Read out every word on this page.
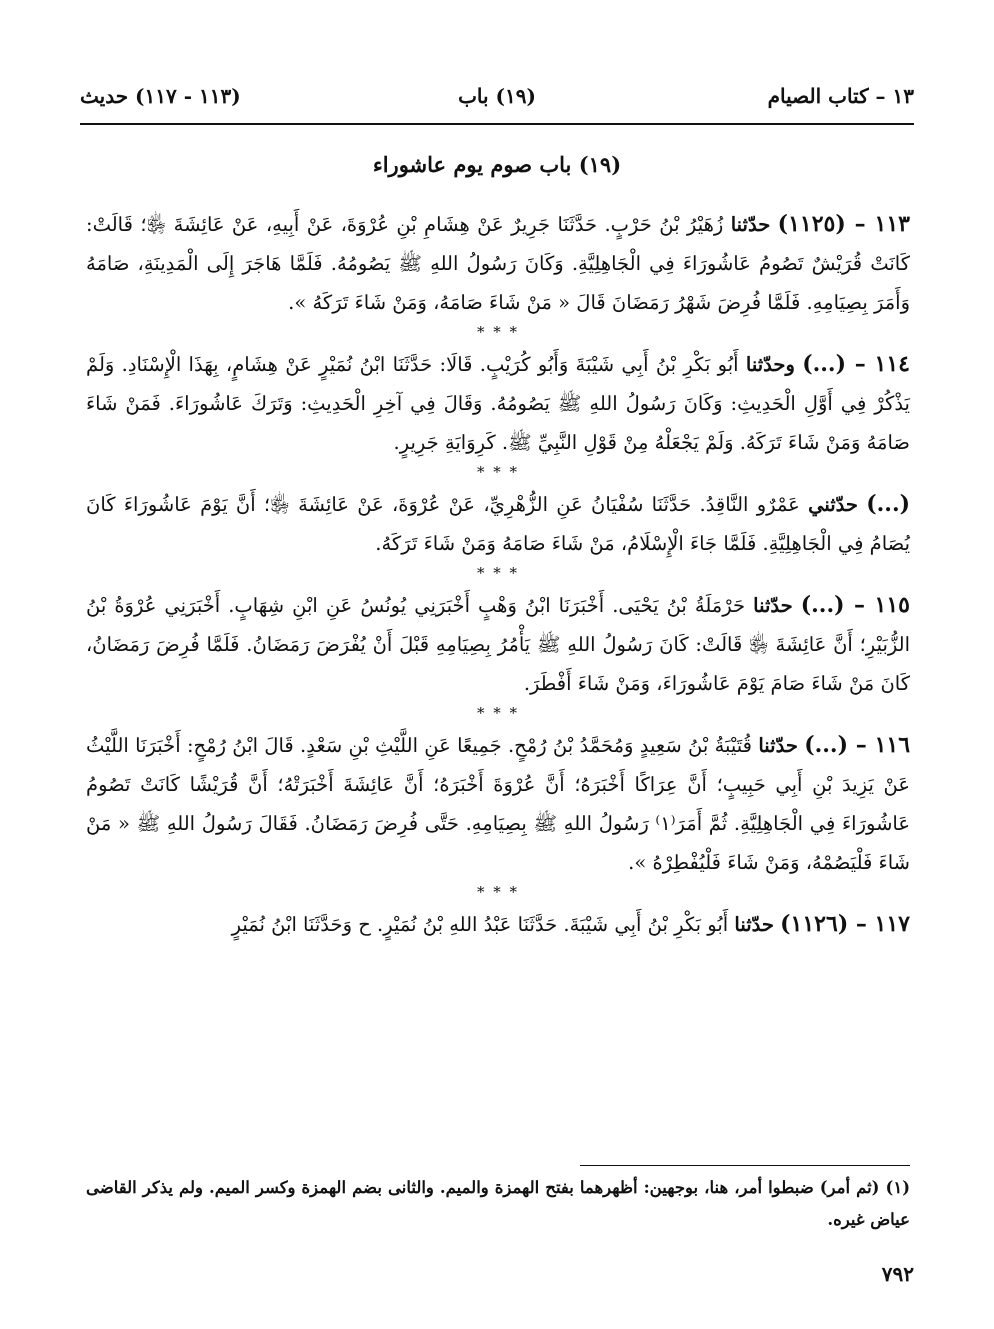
١٣ – كتاب الصيام
(١٩) باب
(١١٣ - ١١٧) حديث
(١٩) باب صوم يوم عاشوراء

١١٣ – (١١٢٥) حدّثنا زُهَيْرُ بْنُ حَرْبٍ. حَدَّثَنَا جَرِيرٌ عَنْ هِشَامِ بْنِ عُرْوَةَ، عَنْ أَبِيهِ، عَنْ عَائِشَةَ ﵂؛ قَالَتْ: كَانَتْ قُرَيْشٌ تَصُومُ عَاشُورَاءَ فِي الْجَاهِلِيَّةِ. وَكَانَ رَسُولُ اللهِ ﷺ يَصُومُهُ. فَلَمَّا هَاجَرَ إِلَى الْمَدِينَةِ، صَامَهُ وَأَمَرَ بِصِيَامِهِ. فَلَمَّا فُرِضَ شَهْرُ رَمَضَانَ قَالَ « مَنْ شَاءَ صَامَهُ، وَمَنْ شَاءَ تَرَكَهُ ».

* * *

١١٤ – (...) وحدّثنا أَبُو بَكْرِ بْنُ أَبِي شَيْبَةَ وَأَبُو كُرَيْبٍ. قَالَا: حَدَّثَنَا ابْنُ نُمَيْرٍ عَنْ هِشَامٍ، بِهَذَا الْإِسْنَادِ. وَلَمْ يَذْكُرْ فِي أَوَّلِ الْحَدِيثِ: وَكَانَ رَسُولُ اللهِ ﷺ يَصُومُهُ. وَقَالَ فِي آخِرِ الْحَدِيثِ: وَتَرَكَ عَاشُورَاءَ. فَمَنْ شَاءَ صَامَهُ وَمَنْ شَاءَ تَرَكَهُ. وَلَمْ يَجْعَلْهُ مِنْ قَوْلِ النَّبِيِّ ﷺ. كَرِوَايَةِ جَرِيرٍ.

* * *

(...) حدّثني عَمْرٌو النَّاقِدُ. حَدَّثَنَا سُفْيَانُ عَنِ الزُّهْرِيِّ، عَنْ عُرْوَةَ، عَنْ عَائِشَةَ ﵂؛ أَنَّ يَوْمَ عَاشُورَاءَ كَانَ يُصَامُ فِي الْجَاهِلِيَّةِ. فَلَمَّا جَاءَ الْإِسْلَامُ، مَنْ شَاءَ صَامَهُ وَمَنْ شَاءَ تَرَكَهُ.

* * *

١١٥ – (...) حدّثنا حَرْمَلَةُ بْنُ يَحْيَى. أَخْبَرَنَا ابْنُ وَهْبٍ أَخْبَرَنِي يُونُسُ عَنِ ابْنِ شِهَابٍ. أَخْبَرَنِي عُرْوَةُ بْنُ الزُّبَيْرِ؛ أَنَّ عَائِشَةَ ﵂ قَالَتْ: كَانَ رَسُولُ اللهِ ﷺ يَأْمُرُ بِصِيَامِهِ قَبْلَ أَنْ يُفْرَضَ رَمَضَانُ. فَلَمَّا فُرِضَ رَمَضَانُ، كَانَ مَنْ شَاءَ صَامَ يَوْمَ عَاشُورَاءَ، وَمَنْ شَاءَ أَفْطَرَ.

* * *

١١٦ – (...) حدّثنا قُتَيْبَةُ بْنُ سَعِيدٍ وَمُحَمَّدُ بْنُ رُمْحٍ. جَمِيعًا عَنِ اللَّيْثِ بْنِ سَعْدٍ. قَالَ ابْنُ رُمْحٍ: أَخْبَرَنَا اللَّيْثُ عَنْ يَزِيدَ بْنِ أَبِي حَبِيبٍ؛ أَنَّ عِرَاكًا أَخْبَرَهُ؛ أَنَّ عُرْوَةَ أَخْبَرَهُ؛ أَنَّ عَائِشَةَ أَخْبَرَتْهُ؛ أَنَّ قُرَيْشًا كَانَتْ تَصُومُ عَاشُورَاءَ فِي الْجَاهِلِيَّةِ. ثُمَّ أَمَرَ⁽١⁾ رَسُولُ اللهِ ﷺ بِصِيَامِهِ. حَتَّى فُرِضَ رَمَضَانُ. فَقَالَ رَسُولُ اللهِ ﷺ « مَنْ شَاءَ فَلْيَصُمْهُ، وَمَنْ شَاءَ فَلْيُفْطِرْهُ ».

* * *

١١٧ – (١١٢٦) حدّثنا أَبُو بَكْرِ بْنُ أَبِي شَيْبَةَ. حَدَّثَنَا عَبْدُ اللهِ بْنُ نُمَيْرٍ. ح وَحَدَّثَنَا ابْنُ نُمَيْرٍ

(١) (ثم أمر) ضبطوا أمر، هنا، بوجهين: أظهرهما بفتح الهمزة والميم. والثانى بضم الهمزة وكسر الميم. ولم يذكر القاضى عياض غيره.
٧٩٢
